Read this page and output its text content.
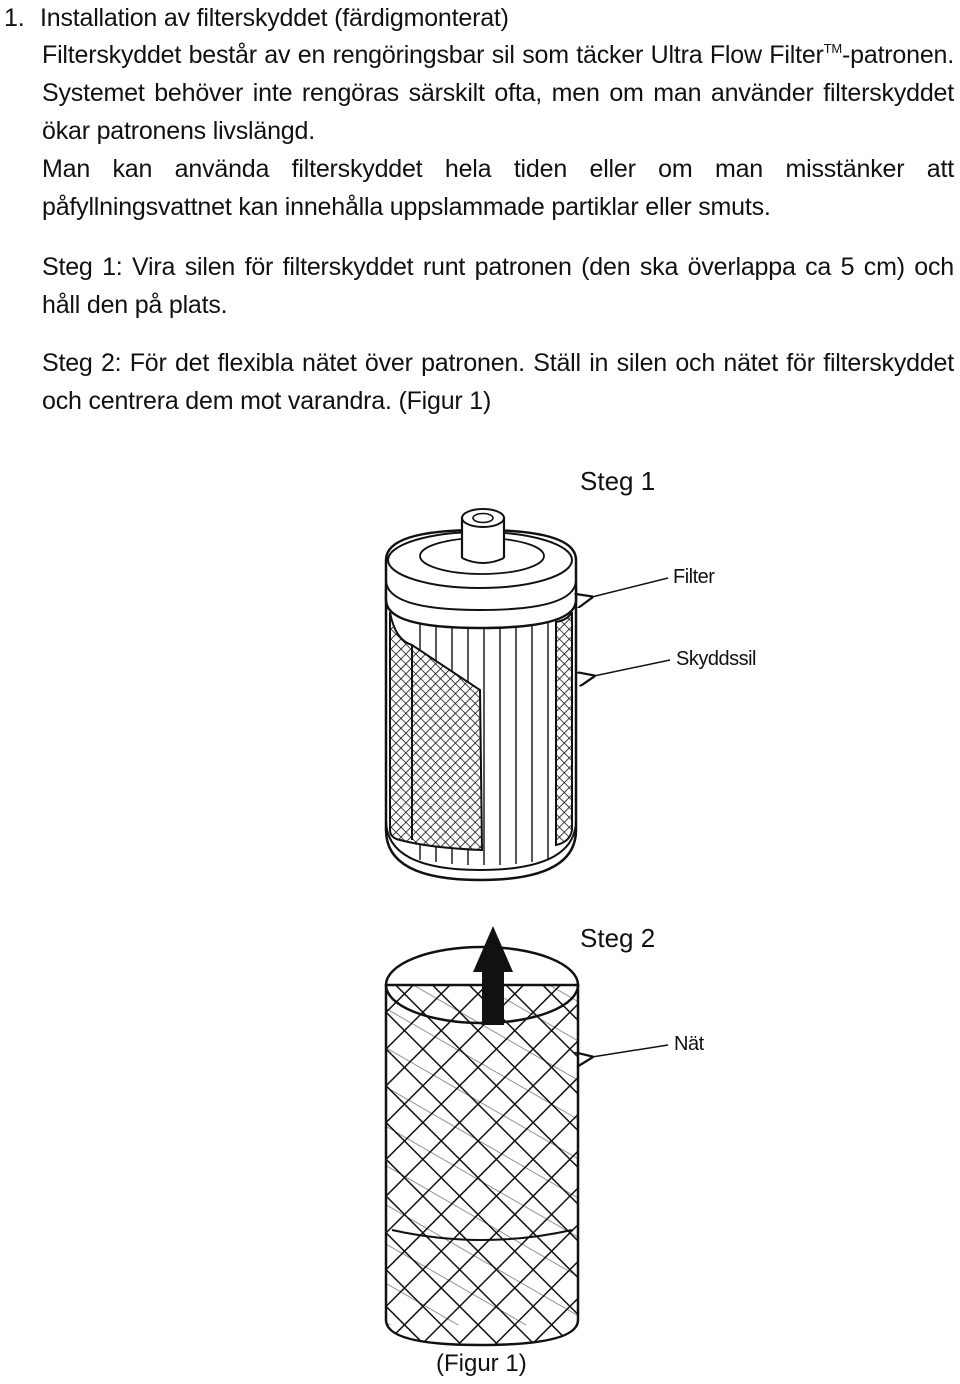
1. Installation av filterskyddet (färdigmonterat)
Filterskyddet består av en rengöringsbar sil som täcker Ultra Flow Filter™-patronen. Systemet behöver inte rengöras särskilt ofta, men om man använder filterskyddet ökar patronens livslängd.
Man kan använda filterskyddet hela tiden eller om man misstänker att påfyllningsvattnet kan innehålla uppslammade partiklar eller smuts.
Steg 1: Vira silen för filterskyddet runt patronen (den ska överlappa ca 5 cm) och håll den på plats.
Steg 2: För det flexibla nätet över patronen. Ställ in silen och nätet för filterskyddet och centrera dem mot varandra. (Figur 1)
Steg 1
Steg 2
Filter
Skyddssil
Nät
(Figur 1)
